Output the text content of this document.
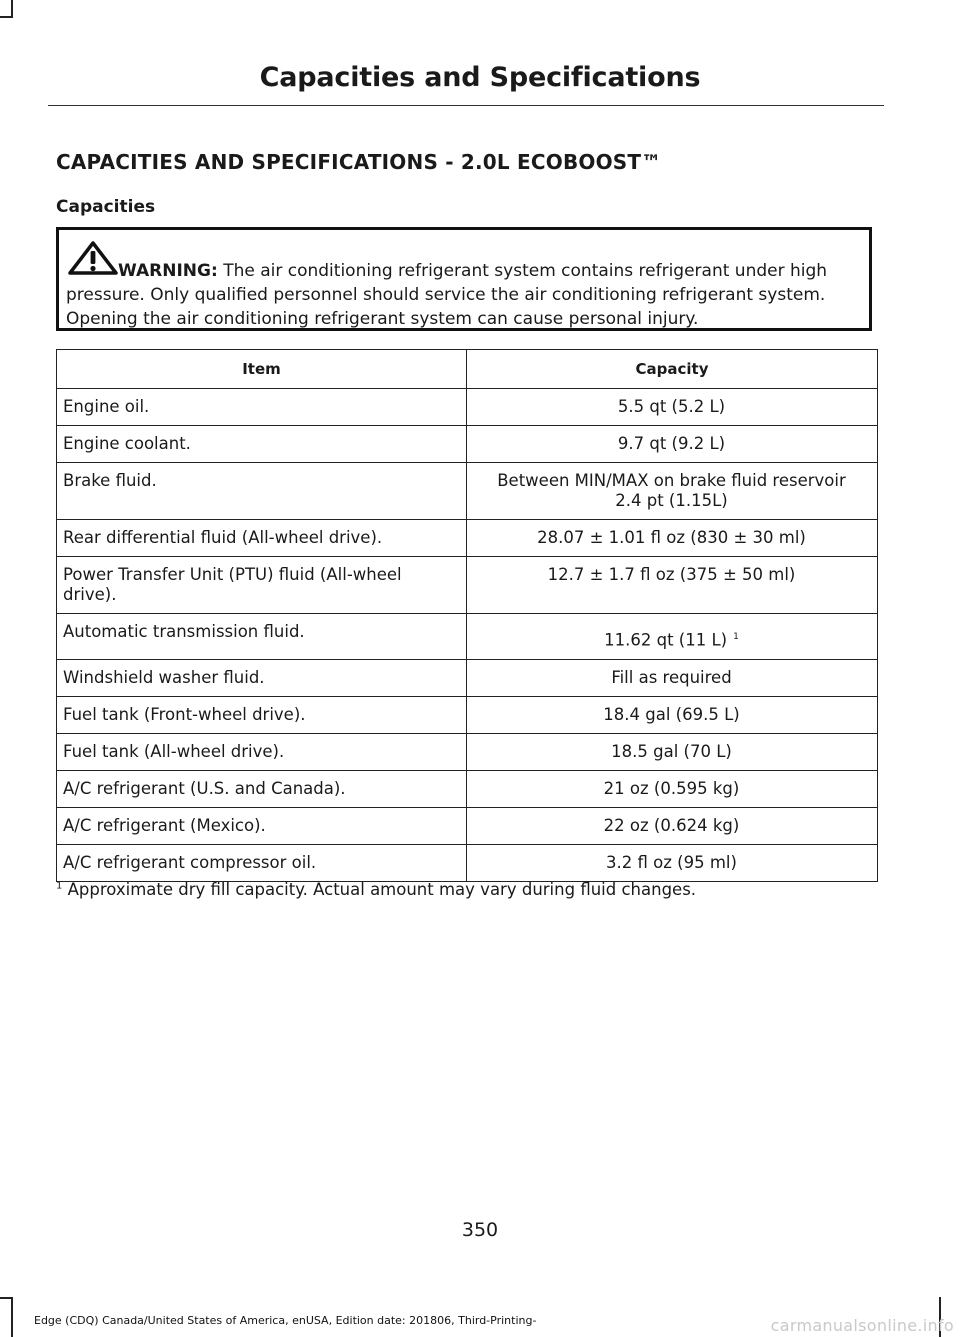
Capacities and Specifications
CAPACITIES AND SPECIFICATIONS - 2.0L ECOBOOST™
Capacities
WARNING: The air conditioning refrigerant system contains refrigerant under high pressure. Only qualified personnel should service the air conditioning refrigerant system. Opening the air conditioning refrigerant system can cause personal injury.
Item	Capacity
Engine oil.	5.5 qt (5.2 L)
Engine coolant.	9.7 qt (9.2 L)
Brake fluid.	Between MIN/MAX on brake fluid reservoir
2.4 pt (1.15L)

Rear differential fluid (All-wheel drive).	28.07 ± 1.01 fl oz (830 ± 30 ml)
Power Transfer Unit (PTU) fluid (All-wheel drive).	12.7 ± 1.7 fl oz (375 ± 50 ml)
Automatic transmission fluid.	11.62 qt (11 L) $^1$
Windshield washer fluid.	Fill as required
Fuel tank (Front-wheel drive).	18.4 gal (69.5 L)
Fuel tank (All-wheel drive).	18.5 gal (70 L)
A/C refrigerant (U.S. and Canada).	21 oz (0.595 kg)
A/C refrigerant (Mexico).	22 oz (0.624 kg)
A/C refrigerant compressor oil.	3.2 fl oz (95 ml)
$^1$ Approximate dry fill capacity. Actual amount may vary during fluid changes.
350
Edge (CDQ) Canada/United States of America, enUSA, Edition date: 201806, Third-Printing-	carmanualsonline.info
